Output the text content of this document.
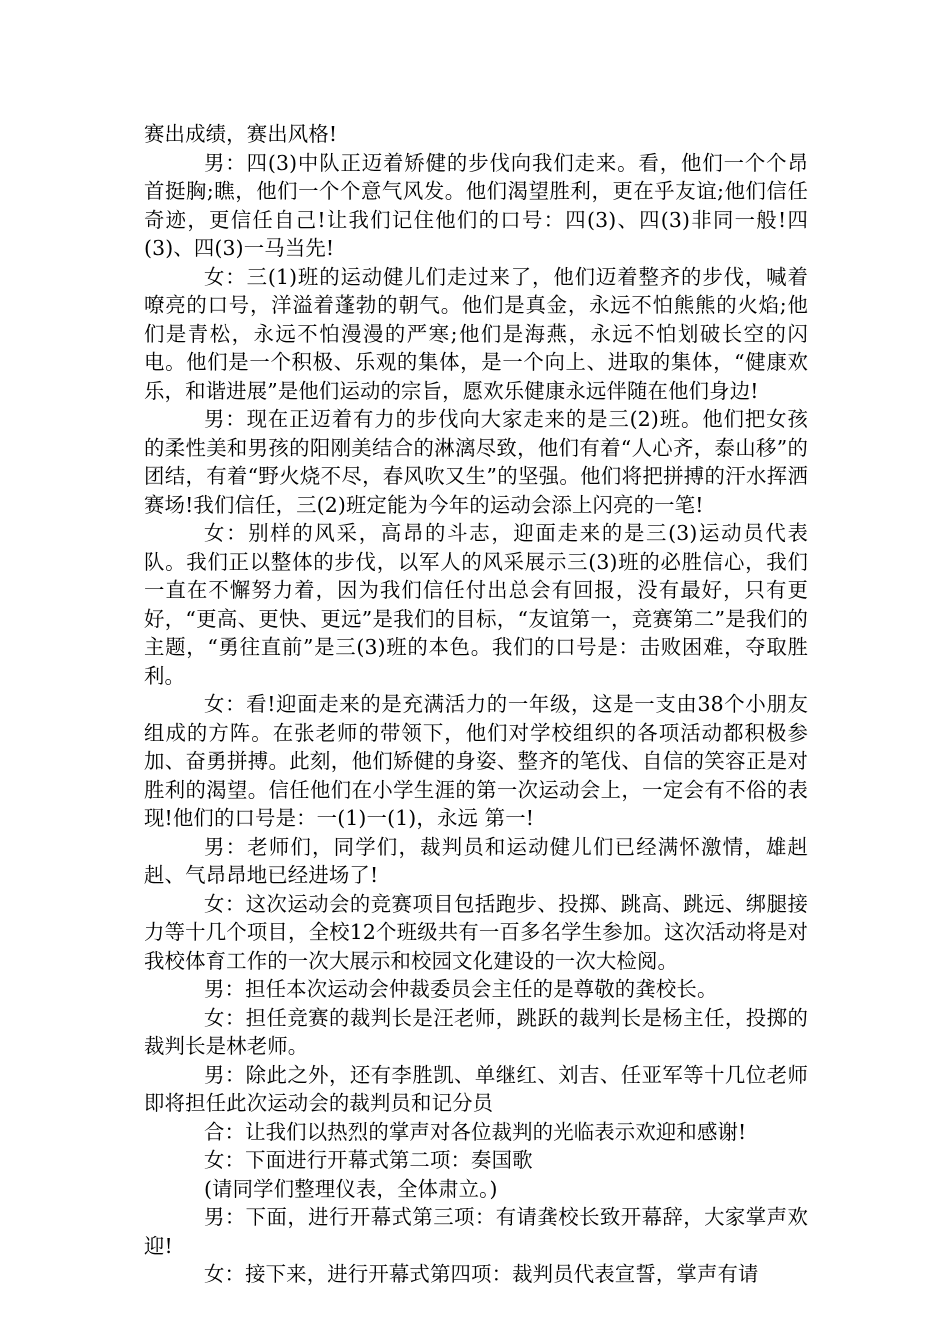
赛出成绩，赛出风格!

男：四(3)中队正迈着矫健的步伐向我们走来。看，他们一个个昂首挺胸;瞧，他们一个个意气风发。他们渴望胜利，更在乎友谊;他们信任奇迹，更信任自己!让我们记住他们的口号：四(3)、四(3)非同一般!四(3)、四(3)一马当先!

女：三(1)班的运动健儿们走过来了，他们迈着整齐的步伐，喊着嘹亮的口号，洋溢着蓬勃的朝气。他们是真金，永远不怕熊熊的火焰;他们是青松，永远不怕漫漫的严寒;他们是海燕，永远不怕划破长空的闪电。他们是一个积极、乐观的集体，是一个向上、进取的集体，“健康欢乐，和谐进展”是他们运动的宗旨，愿欢乐健康永远伴随在他们身边!

男：现在正迈着有力的步伐向大家走来的是三(2)班。他们把女孩的柔性美和男孩的阳刚美结合的淋漓尽致，他们有着“人心齐，泰山移”的团结，有着“野火烧不尽，春风吹又生”的坚强。他们将把拼搏的汗水挥洒赛场!我们信任，三(2)班定能为今年的运动会添上闪亮的一笔!

女：别样的风采，高昂的斗志，迎面走来的是三(3)运动员代表队。我们正以整体的步伐，以军人的风采展示三(3)班的必胜信心，我们一直在不懈努力着，因为我们信任付出总会有回报，没有最好，只有更好，“更高、更快、更远”是我们的目标，“友谊第一，竞赛第二”是我们的主题，“勇往直前”是三(3)班的本色。我们的口号是：击败困难，夺取胜利。

女：看!迎面走来的是充满活力的一年级，这是一支由38个小朋友组成的方阵。在张老师的带领下，他们对学校组织的各项活动都积极参加、奋勇拼搏。此刻，他们矫健的身姿、整齐的笔伐、自信的笑容正是对胜利的渴望。信任他们在小学生涯的第一次运动会上，一定会有不俗的表现!他们的口号是：一(1)一(1)，永远 第一!

男：老师们，同学们，裁判员和运动健儿们已经满怀激情，雄赳赳、气昂昂地已经进场了!

女：这次运动会的竞赛项目包括跑步、投掷、跳高、跳远、绑腿接力等十几个项目，全校12个班级共有一百多名学生参加。这次活动将是对我校体育工作的一次大展示和校园文化建设的一次大检阅。

男：担任本次运动会仲裁委员会主任的是尊敬的龚校长。

女：担任竞赛的裁判长是汪老师，跳跃的裁判长是杨主任，投掷的裁判长是林老师。

男：除此之外，还有李胜凯、单继红、刘吉、任亚军等十几位老师即将担任此次运动会的裁判员和记分员

合：让我们以热烈的掌声对各位裁判的光临表示欢迎和感谢!

女：下面进行开幕式第二项：奏国歌

(请同学们整理仪表，全体肃立。)

男：下面，进行开幕式第三项：有请龚校长致开幕辞，大家掌声欢迎!

女：接下来，进行开幕式第四项：裁判员代表宣誓，掌声有请
